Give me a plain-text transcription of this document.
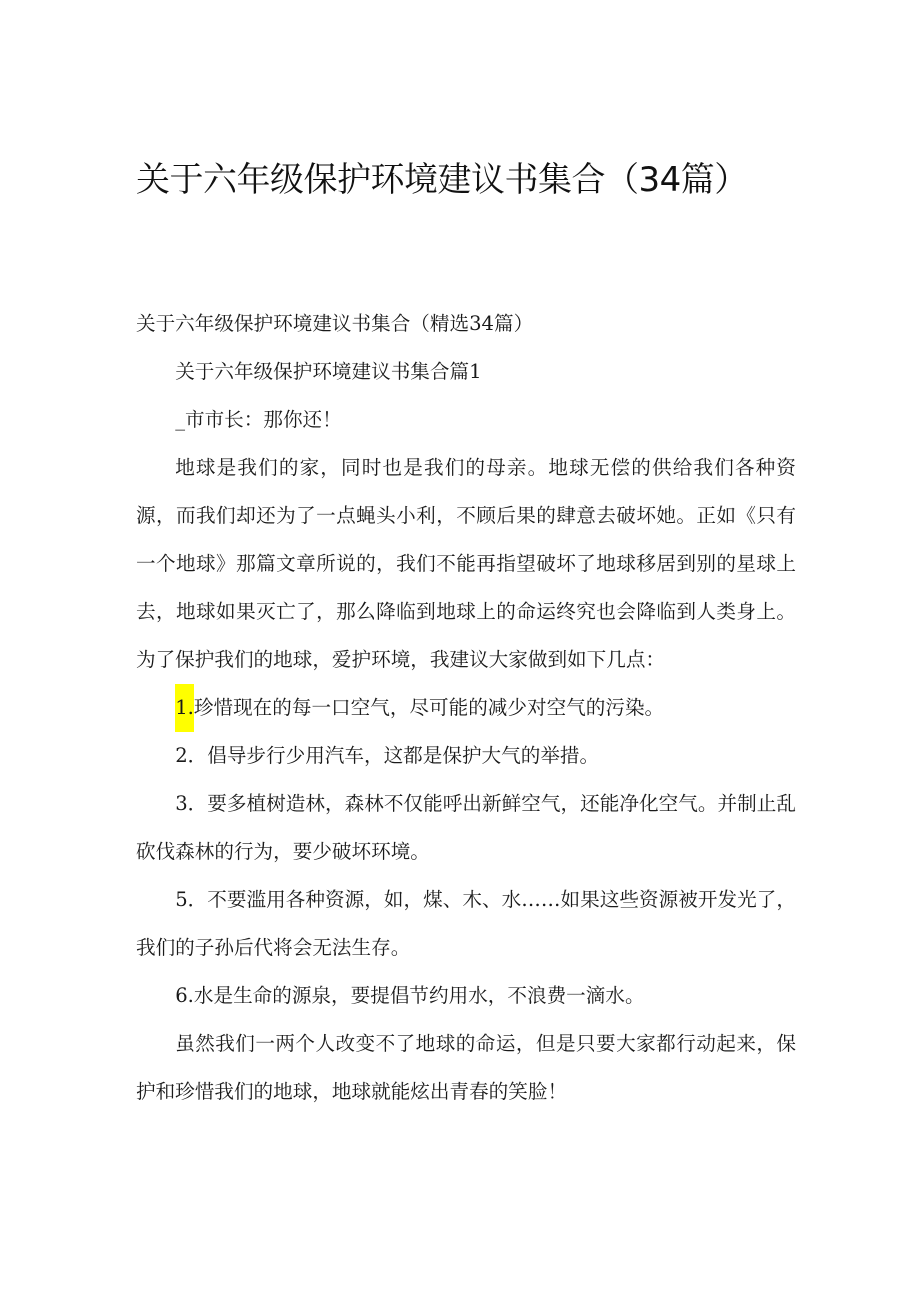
关于六年级保护环境建议书集合（34篇）

关于六年级保护环境建议书集合（精选34篇）

关于六年级保护环境建议书集合篇1

_市市长：那你还！

地球是我们的家，同时也是我们的母亲。地球无偿的供给我们各种资源，而我们却还为了一点蝇头小利，不顾后果的肆意去破坏她。正如《只有一个地球》那篇文章所说的，我们不能再指望破坏了地球移居到别的星球上去，地球如果灭亡了，那么降临到地球上的命运终究也会降临到人类身上。为了保护我们的地球，爱护环境，我建议大家做到如下几点：

1.珍惜现在的每一口空气，尽可能的减少对空气的污染。

2．倡导步行少用汽车，这都是保护大气的举措。

3．要多植树造林，森林不仅能呼出新鲜空气，还能净化空气。并制止乱砍伐森林的行为，要少破坏环境。

5．不要滥用各种资源，如，煤、木、水……如果这些资源被开发光了，我们的子孙后代将会无法生存。

6.水是生命的源泉，要提倡节约用水，不浪费一滴水。

虽然我们一两个人改变不了地球的命运，但是只要大家都行动起来，保护和珍惜我们的地球，地球就能炫出青春的笑脸！
